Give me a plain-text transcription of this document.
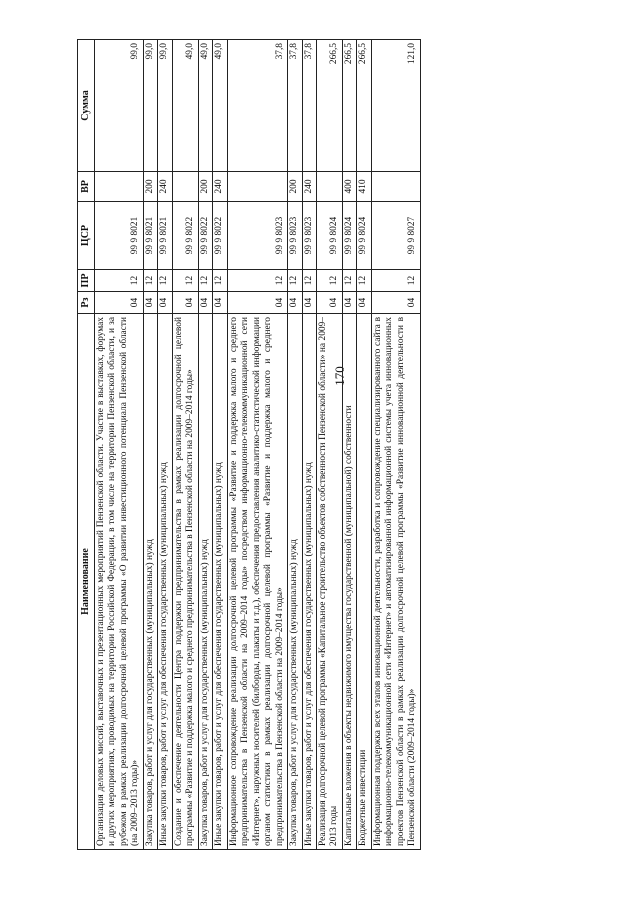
170
Наименование	Рз	ПР	ЦСР	ВР	Сумма
Организация деловых миссий, выставочных и презентационных мероприятий Пензенской области. Участие в выставках, форумах и других мероприятиях, проводимых на территории Российской Федерации, в том числе на территории Пензенской области, и за рубежом в рамках реализации долгосрочной целевой программы «О развитии инвестиционного потенциала Пензенской области (на 2009–2013 годы)»	04	12	99 9 8021		99,0
Закупка товаров, работ и услуг для государственных (муниципальных) нужд	04	12	99 9 8021	200	99,0
Иные закупки товаров, работ и услуг для обеспечения государственных (муниципальных) нужд	04	12	99 9 8021	240	99,0
Создание и обеспечение деятельности Центра поддержки предпринимательства в рамках реализации долгосрочной целевой программы «Развитие и поддержка малого и среднего предпринимательства в Пензенской области на 2009–2014 годы»	04	12	99 9 8022		49,0
Закупка товаров, работ и услуг для государственных (муниципальных) нужд	04	12	99 9 8022	200	49,0
Иные закупки товаров, работ и услуг для обеспечения государственных (муниципальных) нужд	04	12	99 9 8022	240	49,0
Информационное сопровождение реализации долгосрочной целевой программы «Развитие и поддержка малого и среднего предпринимательства в Пензенской области на 2009–2014 годы» посредством информационно-телекоммуникационной сети «Интернет», наружных носителей (билборды, плакаты и т.д.), обеспечения предоставления аналитико-статистической информации органом статистики в рамках реализации долгосрочной целевой программы «Развитие и поддержка малого и среднего предпринимательства в Пензенской области на 2009–2014 годы»	04	12	99 9 8023		37,8
Закупка товаров, работ и услуг для государственных (муниципальных) нужд	04	12	99 9 8023	200	37,8
Иные закупки товаров, работ и услуг для обеспечения государственных (муниципальных) нужд	04	12	99 9 8023	240	37,8
Реализация долгосрочной целевой программы «Капитальное строительство объектов собственности Пензенской области» на 2009–2013 годы	04	12	99 9 8024		266,5
Капитальные вложения в объекты недвижимого имущества государственной (муниципальной) собственности	04	12	99 9 8024	400	266,5
Бюджетные инвестиции	04	12	99 9 8024	410	266,5
Информационная поддержка всех этапов инновационной деятельности, разработка и сопровождение специализированного сайта в информационно-телекоммуникационной сети «Интернет» и автоматизированной информационной системы учета инновационных проектов Пензенской области в рамках реализации долгосрочной целевой программы «Развитие инновационной деятельности в Пензенской области (2009–2014 годы)»	04	12	99 9 8027		121,0
